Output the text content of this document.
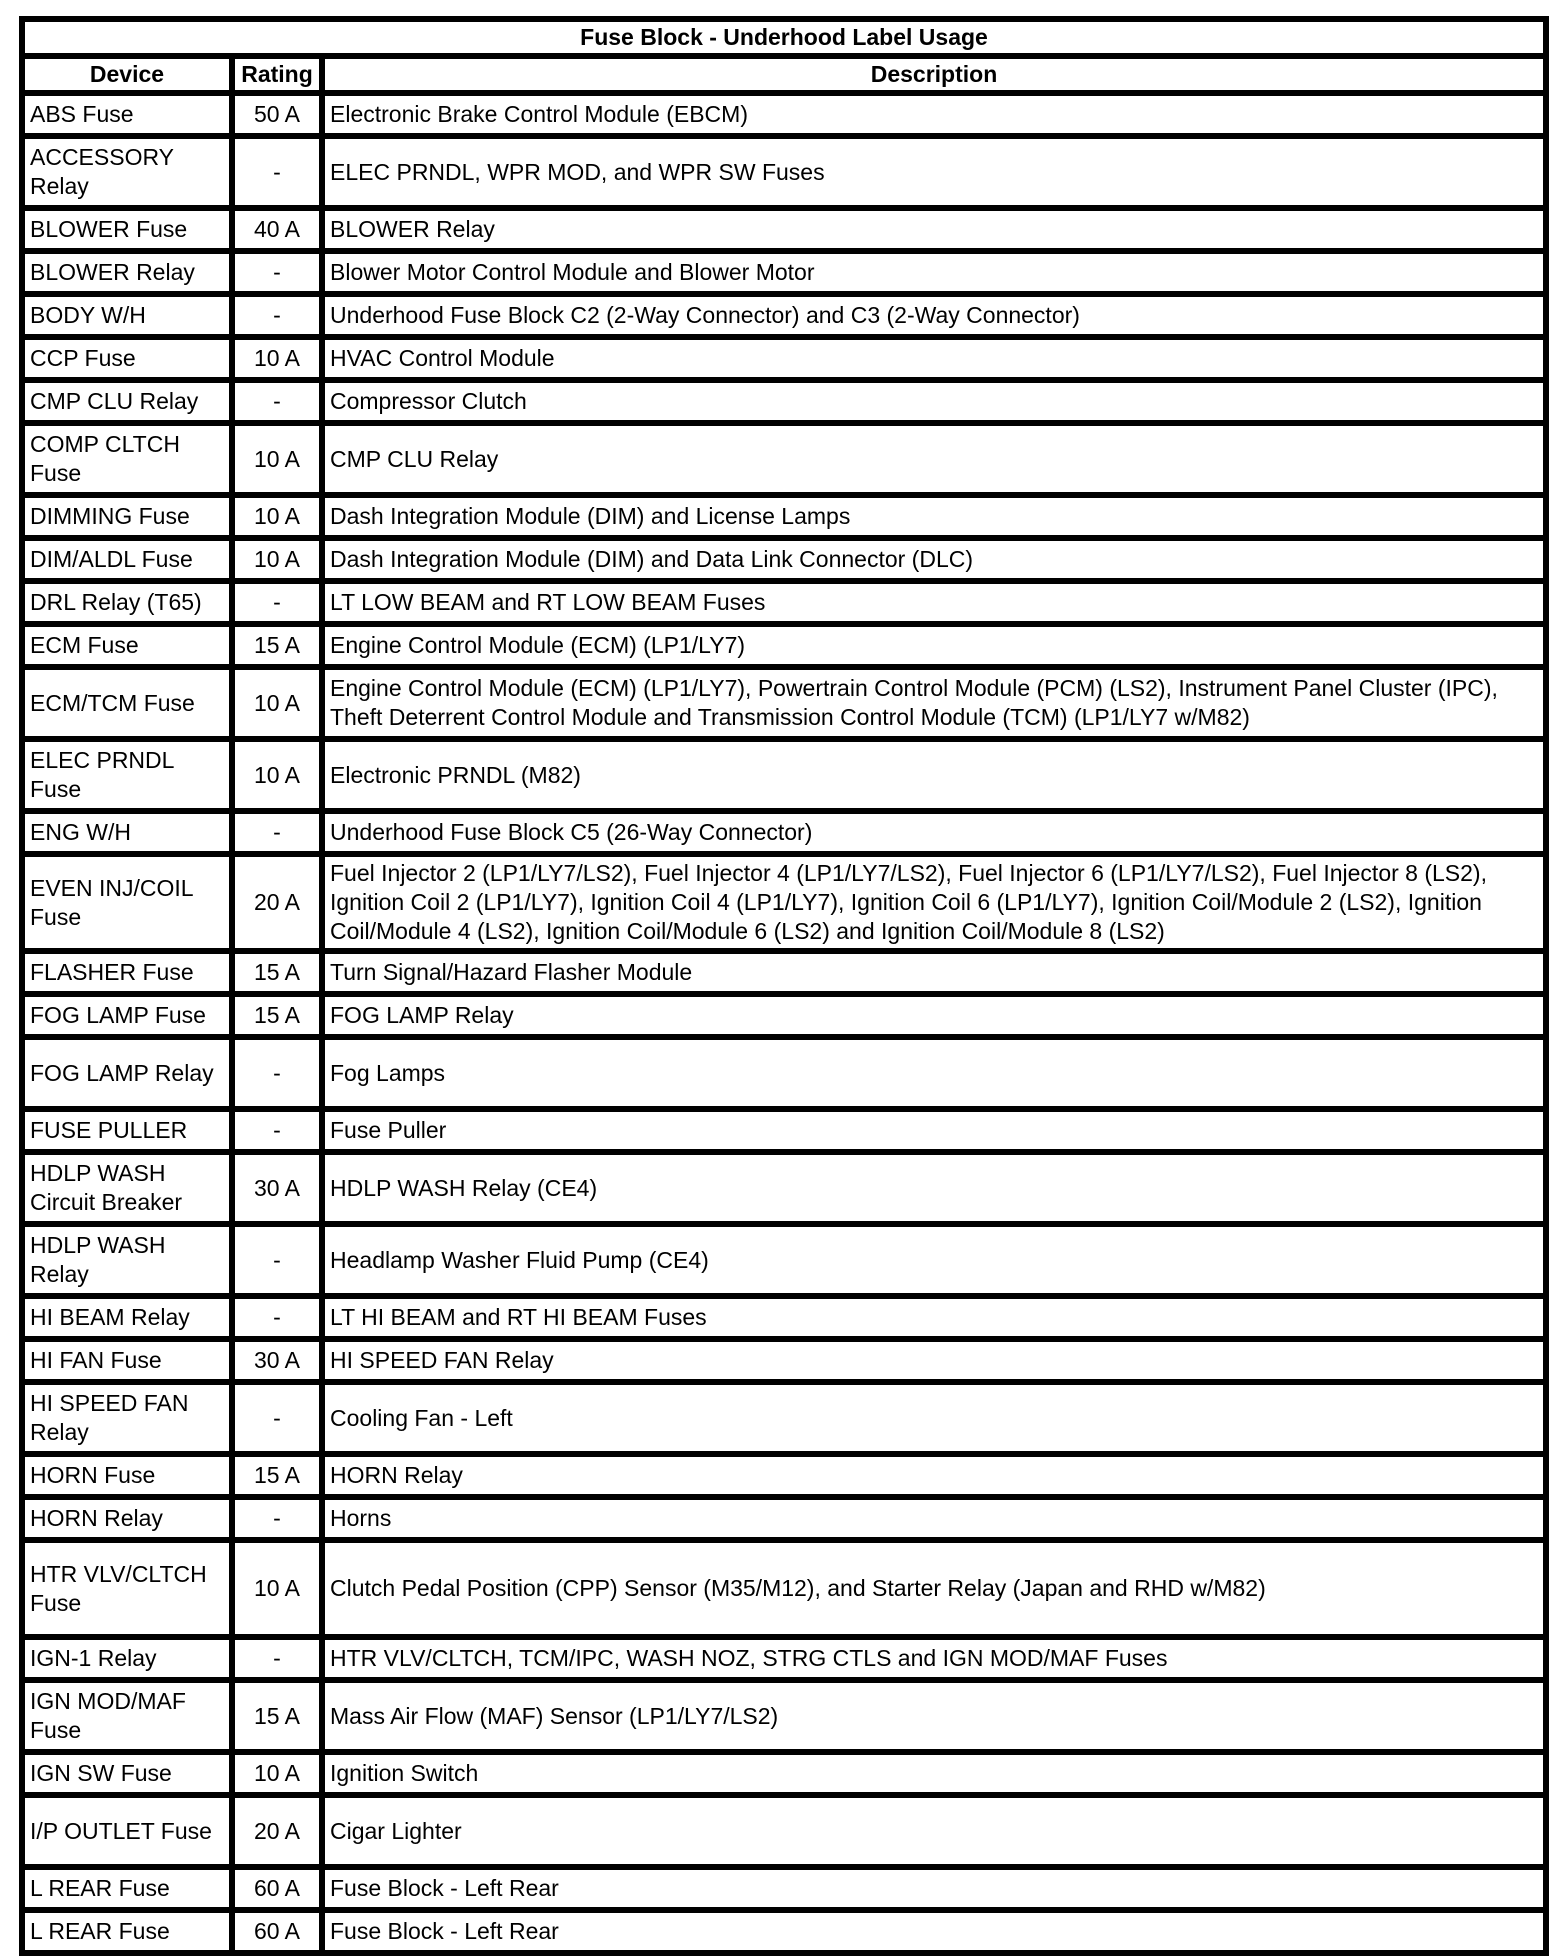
Fuse Block - Underhood Label Usage		
Device	Rating	Description
ABS Fuse	50 A	Electronic Brake Control Module (EBCM)
ACCESSORY Relay	-	ELEC PRNDL, WPR MOD, and WPR SW Fuses
BLOWER Fuse	40 A	BLOWER Relay
BLOWER Relay	-	Blower Motor Control Module and Blower Motor
BODY W/H	-	Underhood Fuse Block C2 (2-Way Connector) and C3 (2-Way Connector)
CCP Fuse	10 A	HVAC Control Module
CMP CLU Relay	-	Compressor Clutch
COMP CLTCH Fuse	10 A	CMP CLU Relay
DIMMING Fuse	10 A	Dash Integration Module (DIM) and License Lamps
DIM/ALDL Fuse	10 A	Dash Integration Module (DIM) and Data Link Connector (DLC)
DRL Relay (T65)	-	LT LOW BEAM and RT LOW BEAM Fuses
ECM Fuse	15 A	Engine Control Module (ECM) (LP1/LY7)
ECM/TCM Fuse	10 A	Engine Control Module (ECM) (LP1/LY7), Powertrain Control Module (PCM) (LS2), Instrument Panel Cluster (IPC), Theft Deterrent Control Module and Transmission Control Module (TCM) (LP1/LY7 w/M82)
ELEC PRNDL Fuse	10 A	Electronic PRNDL (M82)
ENG W/H	-	Underhood Fuse Block C5 (26-Way Connector)
EVEN INJ/COIL Fuse	20 A	Fuel Injector 2 (LP1/LY7/LS2), Fuel Injector 4 (LP1/LY7/LS2), Fuel Injector 6 (LP1/LY7/LS2), Fuel Injector 8 (LS2), Ignition Coil 2 (LP1/LY7), Ignition Coil 4 (LP1/LY7), Ignition Coil 6 (LP1/LY7), Ignition Coil/Module 2 (LS2), Ignition Coil/Module 4 (LS2), Ignition Coil/Module 6 (LS2) and Ignition Coil/Module 8 (LS2)
FLASHER Fuse	15 A	Turn Signal/Hazard Flasher Module
FOG LAMP Fuse	15 A	FOG LAMP Relay
FOG LAMP Relay	-	Fog Lamps
FUSE PULLER	-	Fuse Puller
HDLP WASH Circuit Breaker	30 A	HDLP WASH Relay (CE4)
HDLP WASH Relay	-	Headlamp Washer Fluid Pump (CE4)
HI BEAM Relay	-	LT HI BEAM and RT HI BEAM Fuses
HI FAN Fuse	30 A	HI SPEED FAN Relay
HI SPEED FAN Relay	-	Cooling Fan - Left
HORN Fuse	15 A	HORN Relay
HORN Relay	-	Horns
HTR VLV/CLTCH Fuse	10 A	Clutch Pedal Position (CPP) Sensor (M35/M12), and Starter Relay (Japan and RHD w/M82)
IGN-1 Relay	-	HTR VLV/CLTCH, TCM/IPC, WASH NOZ, STRG CTLS and IGN MOD/MAF Fuses
IGN MOD/MAF Fuse	15 A	Mass Air Flow (MAF) Sensor (LP1/LY7/LS2)
IGN SW Fuse	10 A	Ignition Switch
I/P OUTLET Fuse	20 A	Cigar Lighter
L REAR Fuse	60 A	Fuse Block - Left Rear
L REAR Fuse	60 A	Fuse Block - Left Rear
